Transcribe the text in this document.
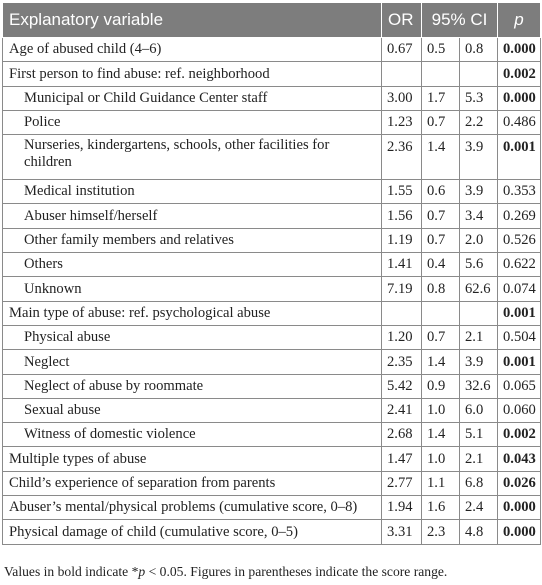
Explanatory variable	OR	95% CI		p
Age of abused child (4–6)	0.67	0.5	0.8	0.000
First person to find abuse: ref. neighborhood				0.002
Municipal or Child Guidance Center staff	3.00	1.7	5.3	0.000
Police	1.23	0.7	2.2	0.486
Nurseries, kindergartens, schools, other facilities for children	2.36	1.4	3.9	0.001
Medical institution	1.55	0.6	3.9	0.353
Abuser himself/herself	1.56	0.7	3.4	0.269
Other family members and relatives	1.19	0.7	2.0	0.526
Others	1.41	0.4	5.6	0.622
Unknown	7.19	0.8	62.6	0.074
Main type of abuse: ref. psychological abuse				0.001
Physical abuse	1.20	0.7	2.1	0.504
Neglect	2.35	1.4	3.9	0.001
Neglect of abuse by roommate	5.42	0.9	32.6	0.065
Sexual abuse	2.41	1.0	6.0	0.060
Witness of domestic violence	2.68	1.4	5.1	0.002
Multiple types of abuse	1.47	1.0	2.1	0.043
Child’s experience of separation from parents	2.77	1.1	6.8	0.026
Abuser’s mental/physical problems (cumulative score, 0–8)	1.94	1.6	2.4	0.000
Physical damage of child (cumulative score, 0–5)	3.31	2.3	4.8	0.000
Values in bold indicate *p < 0.05. Figures in parentheses indicate the score range.
